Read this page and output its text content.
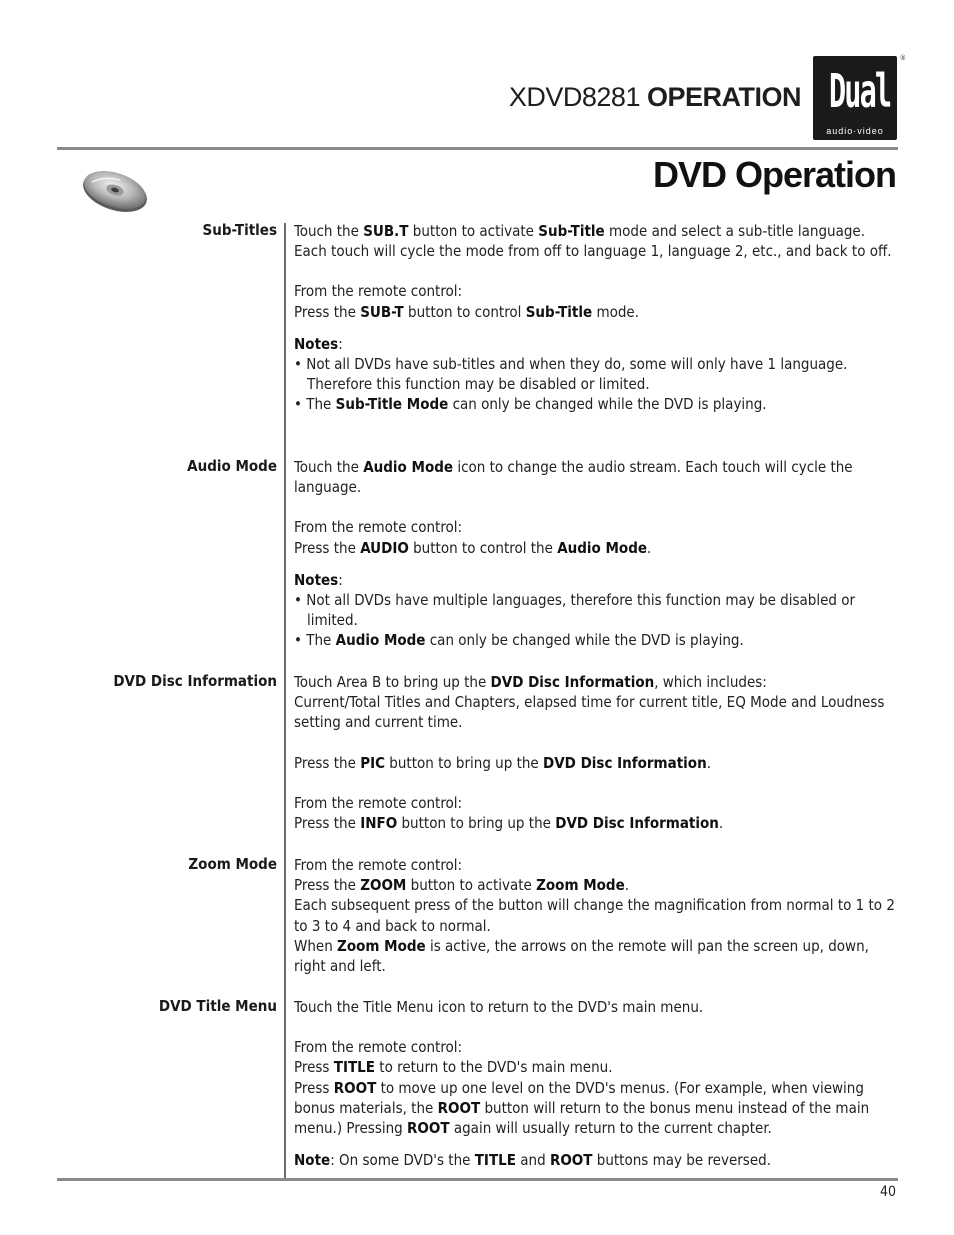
XDVD8281 OPERATION Dual
audio·video
®
DVD Operation
Sub-Titles Touch the SUB.T button to activate Sub-Title mode and select a sub-title language. Each touch will cycle the mode from off to language 1, language 2, etc., and back to off.

From the remote control:

Press the SUB-T button to control Sub-Title mode.

Notes:

• Not all DVDs have sub-titles and when they do, some will only have 1 language. Therefore this function may be disabled or limited.

• The Sub-Title Mode can only be changed while the DVD is playing.

Audio Mode Touch the Audio Mode icon to change the audio stream. Each touch will cycle the language.

From the remote control:

Press the AUDIO button to control the Audio Mode.

Notes:

• Not all DVDs have multiple languages, therefore this function may be disabled or limited.

• The Audio Mode can only be changed while the DVD is playing.

DVD Disc Information Touch Area B to bring up the DVD Disc Information, which includes:

Current/Total Titles and Chapters, elapsed time for current title, EQ Mode and Loudness setting and current time.

Press the PIC button to bring up the DVD Disc Information.

From the remote control:

Press the INFO button to bring up the DVD Disc Information.

Zoom Mode From the remote control:

Press the ZOOM button to activate Zoom Mode.

Each subsequent press of the button will change the magnification from normal to 1 to 2 to 3 to 4 and back to normal.

When Zoom Mode is active, the arrows on the remote will pan the screen up, down, right and left.

DVD Title Menu Touch the Title Menu icon to return to the DVD's main menu.

From the remote control:

Press TITLE to return to the DVD's main menu.

Press ROOT to move up one level on the DVD's menus. (For example, when viewing bonus materials, the ROOT button will return to the bonus menu instead of the main menu.) Pressing ROOT again will usually return to the current chapter.

Note: On some DVD's the TITLE and ROOT buttons may be reversed.

40
